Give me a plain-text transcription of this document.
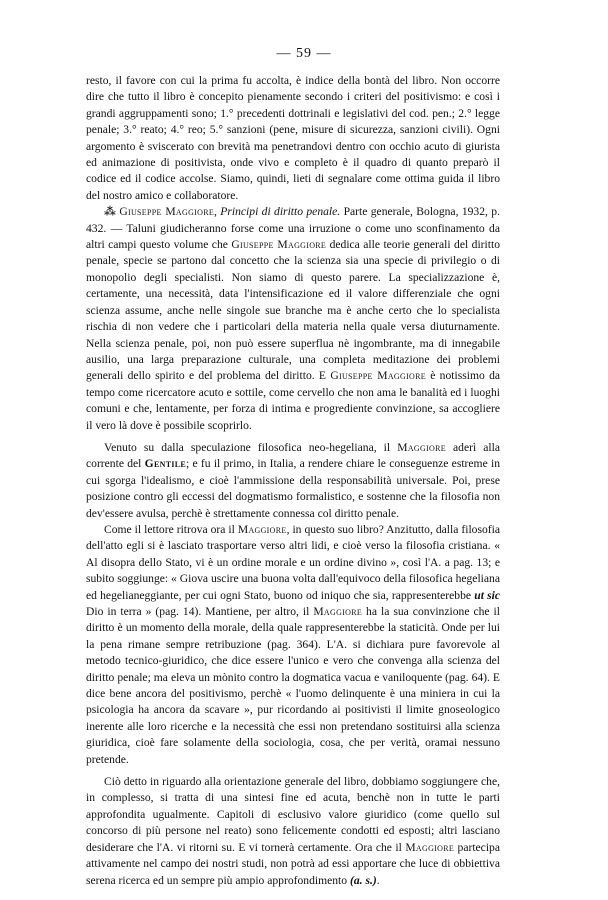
— 59 —

resto, il favore con cui la prima fu accolta, è indice della bontà del libro. Non occorre dire che tutto il libro è concepito pienamente secondo i criteri del positivismo: e così i grandi aggruppamenti sono; 1.° precedenti dottrinali e legislativi del cod. pen.; 2.° legge penale; 3.° reato; 4.° reo; 5.° sanzioni (pene, misure di sicurezza, sanzioni civili). Ogni argomento è sviscerato con brevità ma penetrandovi dentro con occhio acuto di giurista ed animazione di positivista, onde vivo e completo è il quadro di quanto preparò il codice ed il codice accolse. Siamo, quindi, lieti di segnalare come ottima guida il libro del nostro amico e collaboratore.

⁂ Giuseppe Maggiore, Principi di diritto penale. Parte generale, Bologna, 1932, p. 432. — Taluni giudicheranno forse come una irruzione o come uno sconfinamento da altri campi questo volume che Giuseppe Maggiore dedica alle teorie generali del diritto penale, specie se partono dal concetto che la scienza sia una specie di privilegio o di monopolio degli specialisti. Non siamo di questo parere. La specializzazione è, certamente, una necessità, data l'intensificazione ed il valore differenziale che ogni scienza assume, anche nelle singole sue branche ma è anche certo che lo specialista rischia di non vedere che i particolari della materia nella quale versa diuturnamente. Nella scienza penale, poi, non può essere superflua nè ingombrante, ma di innegabile ausilio, una larga preparazione culturale, una completa meditazione dei problemi generali dello spirito e del problema del diritto. E Giuseppe Maggiore è notissimo da tempo come ricercatore acuto e sottile, come cervello che non ama le banalità ed i luoghi comuni e che, lentamente, per forza di intima e progrediente convinzione, sa accogliere il vero là dove è possibile scoprirlo.

Venuto su dalla speculazione filosofica neo-hegeliana, il Maggiore aderì alla corrente del Gentile; e fu il primo, in Italia, a rendere chiare le conseguenze estreme in cui sgorga l'idealismo, e cioè l'ammissione della responsabilità universale. Poi, prese posizione contro gli eccessi del dogmatismo formalistico, e sostenne che la filosofia non dev'essere avulsa, perchè è strettamente connessa col diritto penale.

Come il lettore ritrova ora il Maggiore, in questo suo libro? Anzitutto, dalla filosofia dell'atto egli si è lasciato trasportare verso altri lidi, e cioè verso la filosofia cristiana. « Al disopra dello Stato, vi è un ordine morale e un ordine divino », così l'A. a pag. 13; e subito soggiunge: « Giova uscire una buona volta dall'equivoco della filosofica hegeliana ed hegelianeggiante, per cui ogni Stato, buono od iniquo che sia, rappresenterebbe ut sic Dio in terra » (pag. 14). Mantiene, per altro, il Maggiore ha la sua convinzione che il diritto è un momento della morale, della quale rappresenterebbe la staticità. Onde per lui la pena rimane sempre retribuzione (pag. 364). L'A. si dichiara pure favorevole al metodo tecnico-giuridico, che dice essere l'unico e vero che convenga alla scienza del diritto penale; ma eleva un mònito contro la dogmatica vacua e vaniloquente (pag. 64). E dice bene ancora del positivismo, perchè « l'uomo delinquente è una miniera in cui la psicologia ha ancora da scavare », pur ricordando ai positivisti il limite gnoseologico inerente alle loro ricerche e la necessità che essi non pretendano sostituirsi alla scienza giuridica, cioè fare solamente della sociologia, cosa, che per verità, oramai nessuno pretende.

Ciò detto in riguardo alla orientazione generale del libro, dobbiamo soggiungere che, in complesso, si tratta di una sintesi fine ed acuta, benchè non in tutte le parti approfondita ugualmente. Capitoli di esclusivo valore giuridico (come quello sul concorso di più persone nel reato) sono felicemente condotti ed esposti; altri lasciano desiderare che l'A. vi ritorni su. E vi tornerà certamente. Ora che il Maggiore partecipa attivamente nel campo dei nostri studi, non potrà ad essi apportare che luce di obbiettiva serena ricerca ed un sempre più ampio approfondimento (a. s.).
